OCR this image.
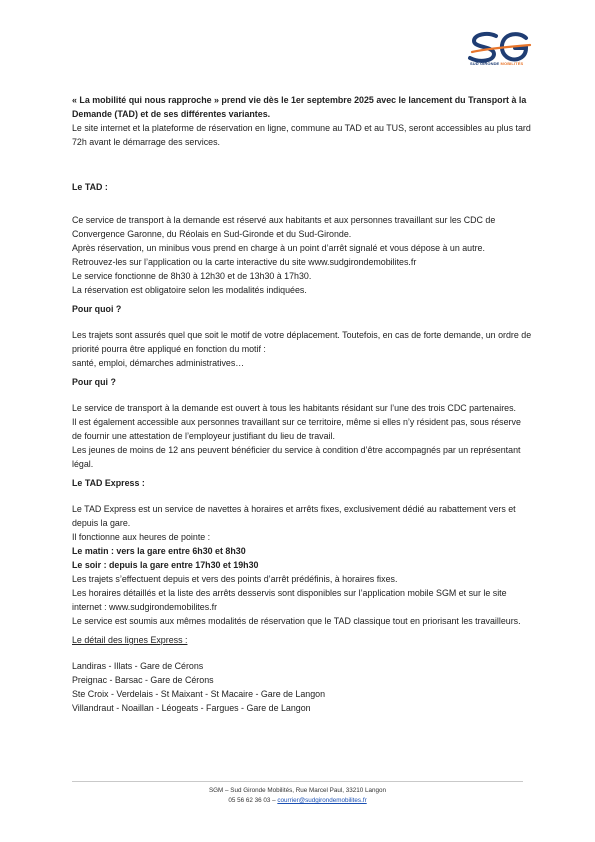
SUD GIRONDE MOBILITÉS

« La mobilité qui nous rapproche » prend vie dès le 1er septembre 2025 avec le lancement du Transport à la Demande (TAD) et de ses différentes variantes.

Le site internet et la plateforme de réservation en ligne, commune au TAD et au TUS, seront accessibles au plus tard 72h avant le démarrage des services.

Le TAD :

Ce service de transport à la demande est réservé aux habitants et aux personnes travaillant sur les CDC de Convergence Garonne, du Réolais en Sud-Gironde et du Sud-Gironde.

Après réservation, un minibus vous prend en charge à un point d’arrêt signalé et vous dépose à un autre.

Retrouvez-les sur l’application ou la carte interactive du site www.sudgirondemobilites.fr

Le service fonctionne de 8h30 à 12h30 et de 13h30 à 17h30.

La réservation est obligatoire selon les modalités indiquées.

Pour quoi ?

Les trajets sont assurés quel que soit le motif de votre déplacement. Toutefois, en cas de forte demande, un ordre de priorité pourra être appliqué en fonction du motif :

santé, emploi, démarches administratives…

Pour qui ?

Le service de transport à la demande est ouvert à tous les habitants résidant sur l’une des trois CDC partenaires.

Il est également accessible aux personnes travaillant sur ce territoire, même si elles n’y résident pas, sous réserve de fournir une attestation de l’employeur justifiant du lieu de travail.

Les jeunes de moins de 12 ans peuvent bénéficier du service à condition d’être accompagnés par un représentant légal.

Le TAD Express :

Le TAD Express est un service de navettes à horaires et arrêts fixes, exclusivement dédié au rabattement vers et depuis la gare.

Il fonctionne aux heures de pointe :

Le matin : vers la gare entre 6h30 et 8h30

Le soir : depuis la gare entre 17h30 et 19h30

Les trajets s’effectuent depuis et vers des points d’arrêt prédéfinis, à horaires fixes.

Les horaires détaillés et la liste des arrêts desservis sont disponibles sur l’application mobile SGM et sur le site internet : www.sudgirondemobilites.fr

Le service est soumis aux mêmes modalités de réservation que le TAD classique tout en priorisant les travailleurs.

Le détail des lignes Express :

Landiras - Illats - Gare de Cérons

Preignac - Barsac - Gare de Cérons

Ste Croix - Verdelais - St Maixant - St Macaire - Gare de Langon

Villandraut - Noaillan - Léogeats - Fargues - Gare de Langon

SGM – Sud Gironde Mobilités, Rue Marcel Paul, 33210 Langon
05 56 62 36 03 – courrier@sudgirondemobilites.fr
